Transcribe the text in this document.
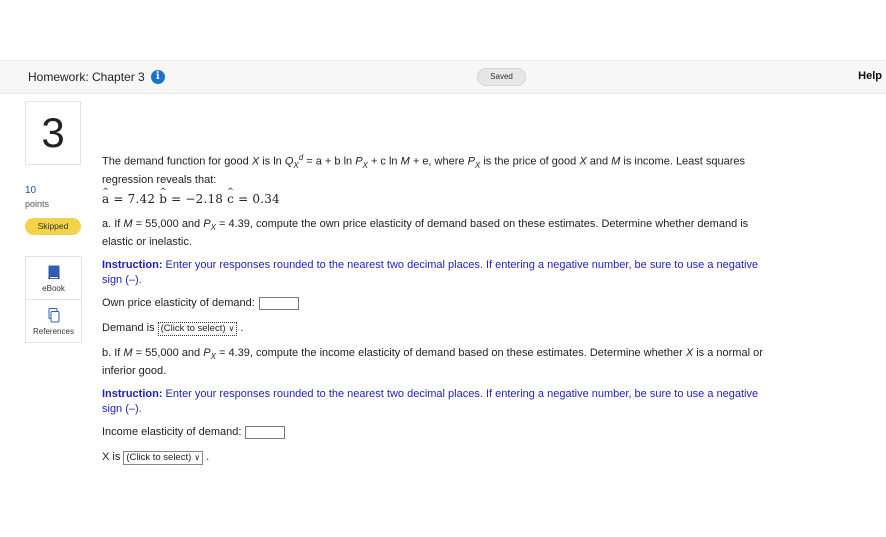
Homework: Chapter 3	i	Saved	Help
3
10
points
Skipped
eBook
References

The demand function for good X is $\ln Q_X^d = a + b$ $\ln P_X + c$ ln M + e, where $P_X$ is the price of good X and M is income. Least squares regression reveals that:

^ a = 7.42 ^ b = −2.18 ^ c = 0.34

a. If M = 55,000 and $P_X = 4.39$, compute the own price elasticity of demand based on these estimates. Determine whether demand is elastic or inelastic.

Instruction: Enter your responses rounded to the nearest two decimal places. If entering a negative number, be sure to use a negative sign (–).

Own price elasticity of demand:
Demand is (Click to select) ∨ .

b. If M = 55,000 and $P_X = 4.39$, compute the income elasticity of demand based on these estimates. Determine whether X is a normal or inferior good.

Instruction: Enter your responses rounded to the nearest two decimal places. If entering a negative number, be sure to use a negative sign (–).

Income elasticity of demand:
X is (Click to select) ∨ .
